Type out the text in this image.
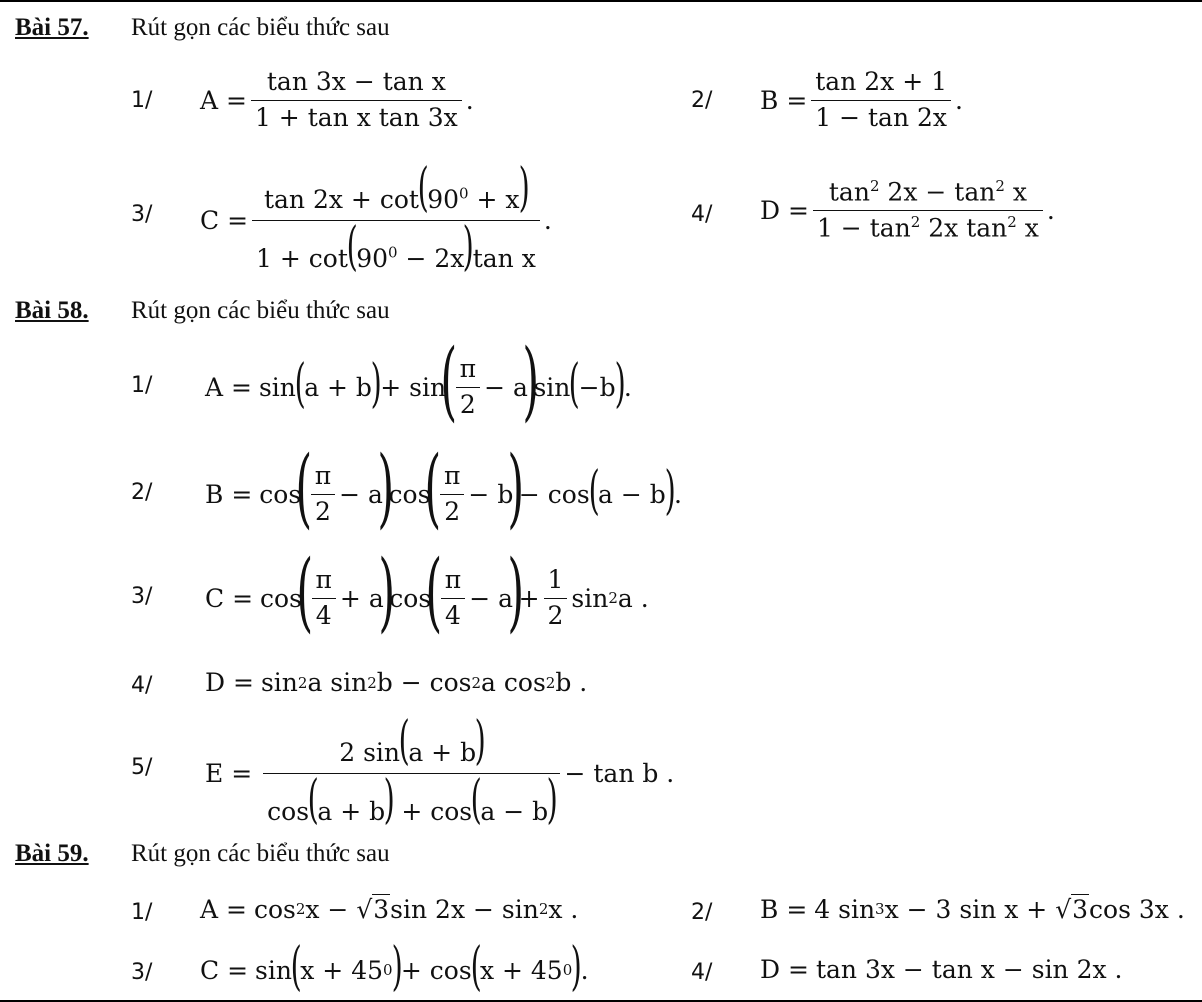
Bài 57. Rút gọn các biểu thức sau
1/ $A = \frac{\text{tan 3x − tan x}}{\text{1 + tan x tan 3x}}$ .	2/ $B = \frac{\tan 2x + 1}{1 - \tan 2x}$ .
3/ $C = \frac{\tan 2x + \cot(90^0 + x)}{1 + \cot(90^0 - 2x)\tan x}$ .	4/ $D = \frac{\tan^2 2x - \tan^2 x}{1 - \tan^2 2x \tan^2 x}$ .
Bài 58. Rút gọn các biểu thức sau
1/ A = sin
(
a + b
)
+ sin
(
$\frac{\pi}{2} - a$
)
sin
(
−b
)
.
2/ B = cos
(
$\frac{\pi}{2} - a$
)
cos
(
$\frac{\pi}{2} - b$
)
− cos
(
a − b
)
.
3/ C = cos
(
$\frac{\pi}{4} + a$
)
cos
(
$\frac{\pi}{4} - a$
)
+ $\frac{1}{2}$ sin 2 a .
4/ D = sin 2 a sin 2 b − cos 2 a cos 2 b .
5/ $E = \frac{2 \sin(a + b)}{\cos(a + b) + \cos(a - b)} - \tan b$ .
Bài 59. Rút gọn các biểu thức sau
1/ A = cos 2 x − √ 3 sin 2x − sin 2 x .	2/ B = 4 sin 3 x − 3 sin x + √ 3 cos 3x .
3/ C = sin
(
x + 45 0
)
+ cos
(
x + 45 0
)
.	4/ D = tan 3x − tan x − sin 2x .
